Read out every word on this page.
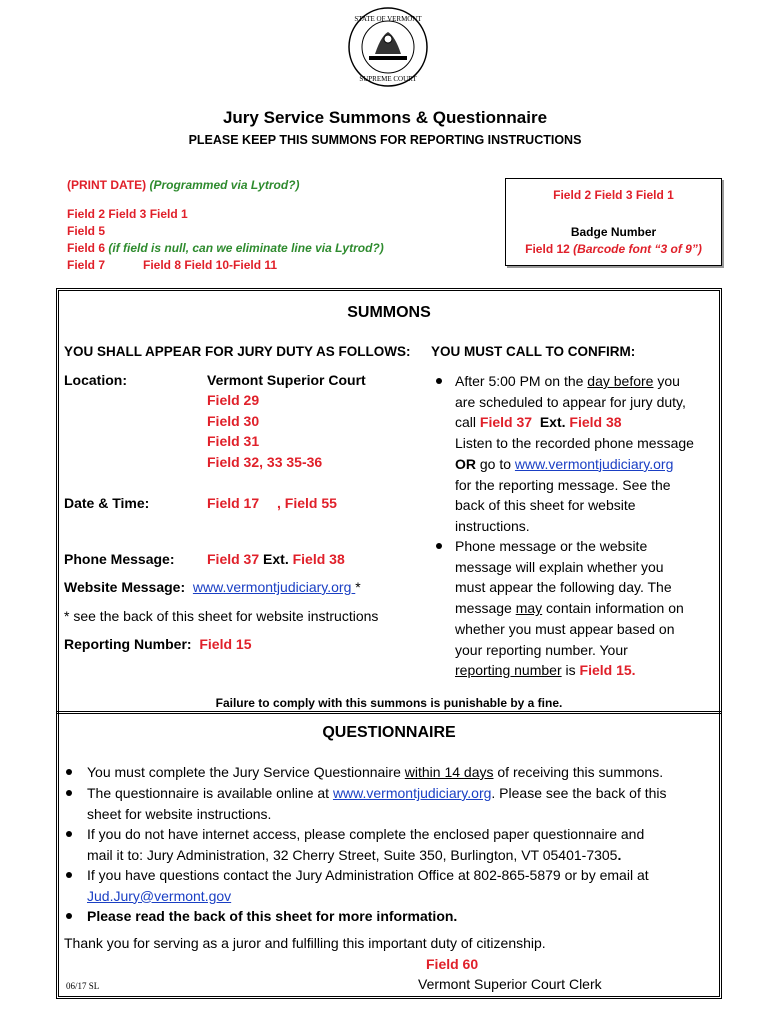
STATE OF VERMONT
SUPREME COURT
Jury Service Summons & Questionnaire
PLEASE KEEP THIS SUMMONS FOR REPORTING INSTRUCTIONS
(PRINT DATE) (Programmed via Lytrod?)
Field 2 Field 3 Field 1
Field 5
Field 6 (if field is null, can we eliminate line via Lytrod?)
Field 7	Field 8 Field 10-Field 11
Field 2 Field 3 Field 1
Badge Number
Field 12 (Barcode font “3 of 9”)
SUMMONS
YOU SHALL APPEAR FOR JURY DUTY AS FOLLOWS: YOU MUST CALL TO CONFIRM:
Location:	Vermont Superior Court
Field 29
Field 30
Field 31
Field 32, 33 35-36
Date & Time:	Field 17 , Field 55
Phone Message: Field 37 Ext. Field 38
Website Message: www.vermontjudiciary.org *
* see the back of this sheet for website instructions
Reporting Number: Field 15
After 5:00 PM on the day before you
are scheduled to appear for jury duty,
call Field 37 Ext. Field 38
Listen to the recorded phone message
OR go to www.vermontjudiciary.org
for the reporting message. See the
back of this sheet for website
instructions.
Phone message or the website
message will explain whether you
must appear the following day. The
message may contain information on
whether you must appear based on
your reporting number. Your
reporting number is Field 15.
Failure to comply with this summons is punishable by a fine.
QUESTIONNAIRE
You must complete the Jury Service Questionnaire within 14 days of receiving this summons.
The questionnaire is available online at www.vermontjudiciary.org. Please see the back of this
sheet for website instructions.
If you do not have internet access, please complete the enclosed paper questionnaire and
mail it to: Jury Administration, 32 Cherry Street, Suite 350, Burlington, VT 05401-7305.
If you have questions contact the Jury Administration Office at 802-865-5879 or by email at
Jud.Jury@vermont.gov
Please read the back of this sheet for more information.
Thank you for serving as a juror and fulfilling this important duty of citizenship.
Field 60
Vermont Superior Court Clerk
06/17 SL
